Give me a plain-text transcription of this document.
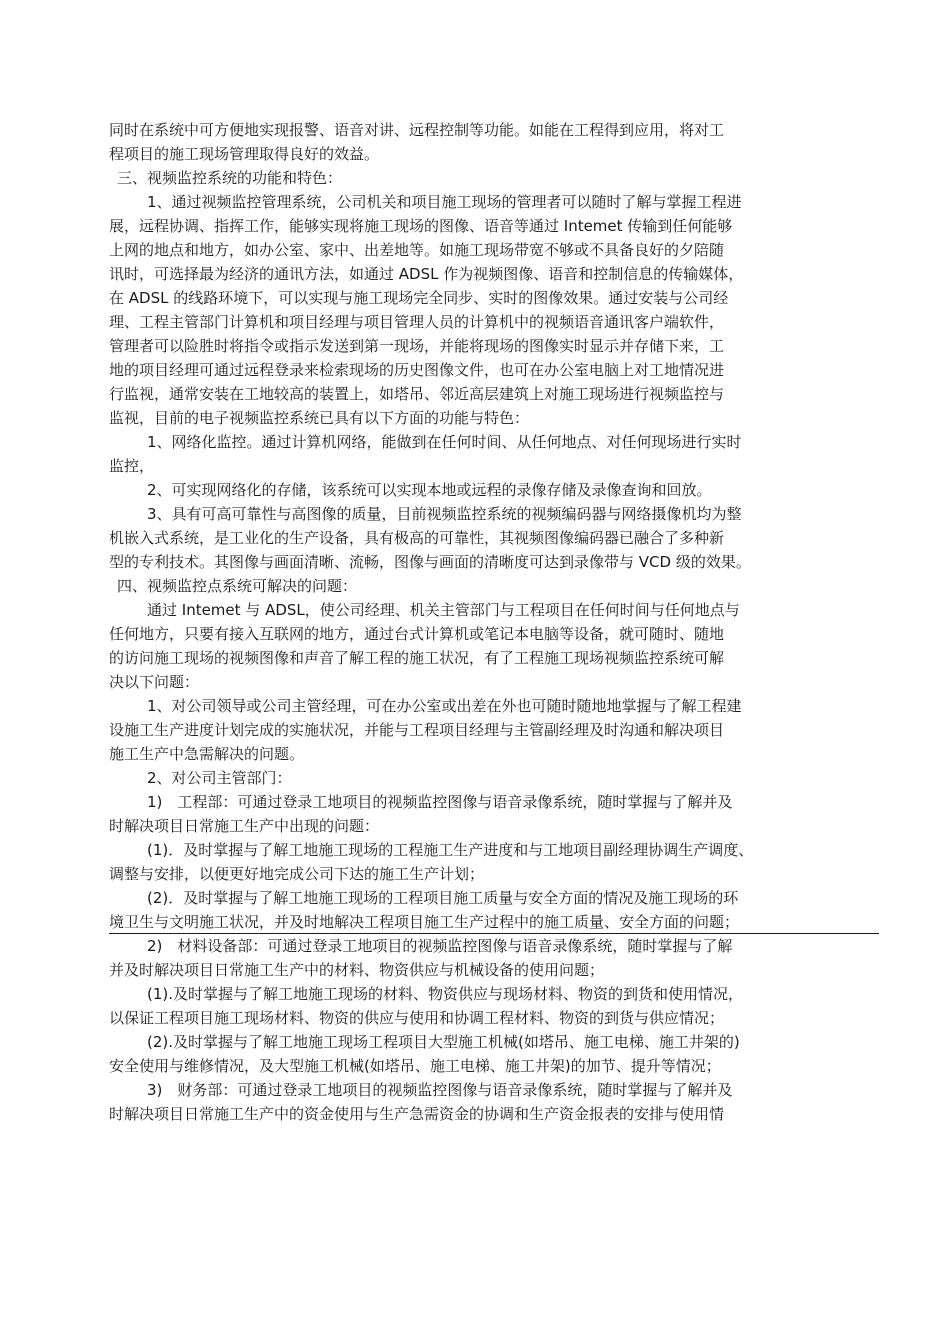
同时在系统中可方便地实现报警、语音对讲、远程控制等功能。如能在工程得到应用，将对工
程项目的施工现场管理取得良好的效益。
三、视频监控系统的功能和特色：
1、通过视频监控管理系统，公司机关和项目施工现场的管理者可以随时了解与掌握工程进
展，远程协调、指挥工作，能够实现将施工现场的图像、语音等通过 Intemet 传输到任何能够
上网的地点和地方，如办公室、家中、出差地等。如施工现场带宽不够或不具备良好的夕陪随
讯时，可选择最为经济的通讯方法，如通过 ADSL 作为视频图像、语音和控制信息的传输媒体，
在 ADSL 的线路环境下，可以实现与施工现场完全同步、实时的图像效果。通过安装与公司经
理、工程主管部门计算机和项目经理与项目管理人员的计算机中的视频语音通讯客户端软件，
管理者可以险胜时将指令或指示发送到第一现场，并能将现场的图像实时显示并存储下来，工
地的项目经理可通过远程登录来检索现场的历史图像文件，也可在办公室电脑上对工地情况进
行监视，通常安装在工地较高的装置上，如塔吊、邻近高层建筑上对施工现场进行视频监控与
监视，目前的电子视频监控系统已具有以下方面的功能与特色：
1、网络化监控。通过计算机网络，能做到在任何时间、从任何地点、对任何现场进行实时
监控，
2、可实现网络化的存储，该系统可以实现本地或远程的录像存储及录像查询和回放。
3、具有可高可靠性与高图像的质量，目前视频监控系统的视频编码器与网络摄像机均为整
机嵌入式系统，是工业化的生产设备，具有极高的可靠性，其视频图像编码器已融合了多种新
型的专利技术。其图像与画面清晰、流畅，图像与画面的清晰度可达到录像带与 VCD 级的效果。
四、视频监控点系统可解决的问题：
通过 Intemet 与 ADSL，使公司经理、机关主管部门与工程项目在任何时间与任何地点与
任何地方，只要有接入互联网的地方，通过台式计算机或笔记本电脑等设备，就可随时、随地
的访问施工现场的视频图像和声音了解工程的施工状况，有了工程施工现场视频监控系统可解
决以下问题：
1、对公司领导或公司主管经理，可在办公室或出差在外也可随时随地地掌握与了解工程建
设施工生产进度计划完成的实施状况，并能与工程项目经理与主管副经理及时沟通和解决项目
施工生产中急需解决的问题。
2、对公司主管部门：
1)　工程部：可通过登录工地项目的视频监控图像与语音录像系统，随时掌握与了解并及
时解决项目日常施工生产中出现的问题：
(1)．及时掌握与了解工地施工现场的工程施工生产进度和与工地项目副经理协调生产调度、
调整与安排，以便更好地完成公司下达的施工生产计划；
(2)．及时掌握与了解工地施工现场的工程项目施工质量与安全方面的情况及施工现场的环
境卫生与文明施工状况，并及时地解决工程项目施工生产过程中的施工质量、安全方面的问题；
2)　材料设备部：可通过登录工地项目的视频监控图像与语音录像系统，随时掌握与了解
并及时解决项目日常施工生产中的材料、物资供应与机械设备的使用问题；
(1).及时掌握与了解工地施工现场的材料、物资供应与现场材料、物资的到货和使用情况，
以保证工程项目施工现场材料、物资的供应与使用和协调工程材料、物资的到货与供应情况；
(2).及时掌握与了解工地施工现场工程项目大型施工机械(如塔吊、施工电梯、施工井架的)
安全使用与维修情况，及大型施工机械(如塔吊、施工电梯、施工井架)的加节、提升等情况；
3)　财务部：可通过登录工地项目的视频监控图像与语音录像系统，随时掌握与了解并及
时解决项目日常施工生产中的资金使用与生产急需资金的协调和生产资金报表的安排与使用情
